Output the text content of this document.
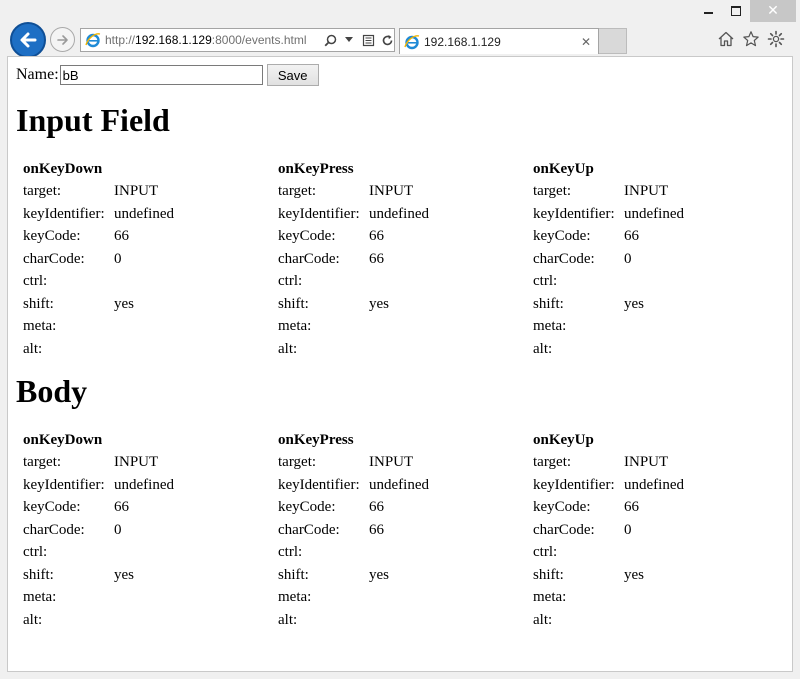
✕
http://192.168.1.129:8000/events.html	192.168.1.129	✕
Name:
bB	Save
Input Field
onKeyDown
target:	INPUT
keyIdentifier: undefined
keyCode:	66
charCode:	0
ctrl:
shift:	yes
meta:
alt:
onKeyPress
target:	INPUT
keyIdentifier: undefined
keyCode:	66
charCode:	66
ctrl:
shift:	yes
meta:
alt:
onKeyUp
target:	INPUT
keyIdentifier: undefined
keyCode:	66
charCode:	0
ctrl:
shift:	yes
meta:
alt:
Body
onKeyDown
target:	INPUT
keyIdentifier: undefined
keyCode:	66
charCode:	0
ctrl:
shift:	yes
meta:
alt:
onKeyPress
target:	INPUT
keyIdentifier: undefined
keyCode:	66
charCode:	66
ctrl:
shift:	yes
meta:
alt:
onKeyUp
target:	INPUT
keyIdentifier: undefined
keyCode:	66
charCode:	0
ctrl:
shift:	yes
meta:
alt:
